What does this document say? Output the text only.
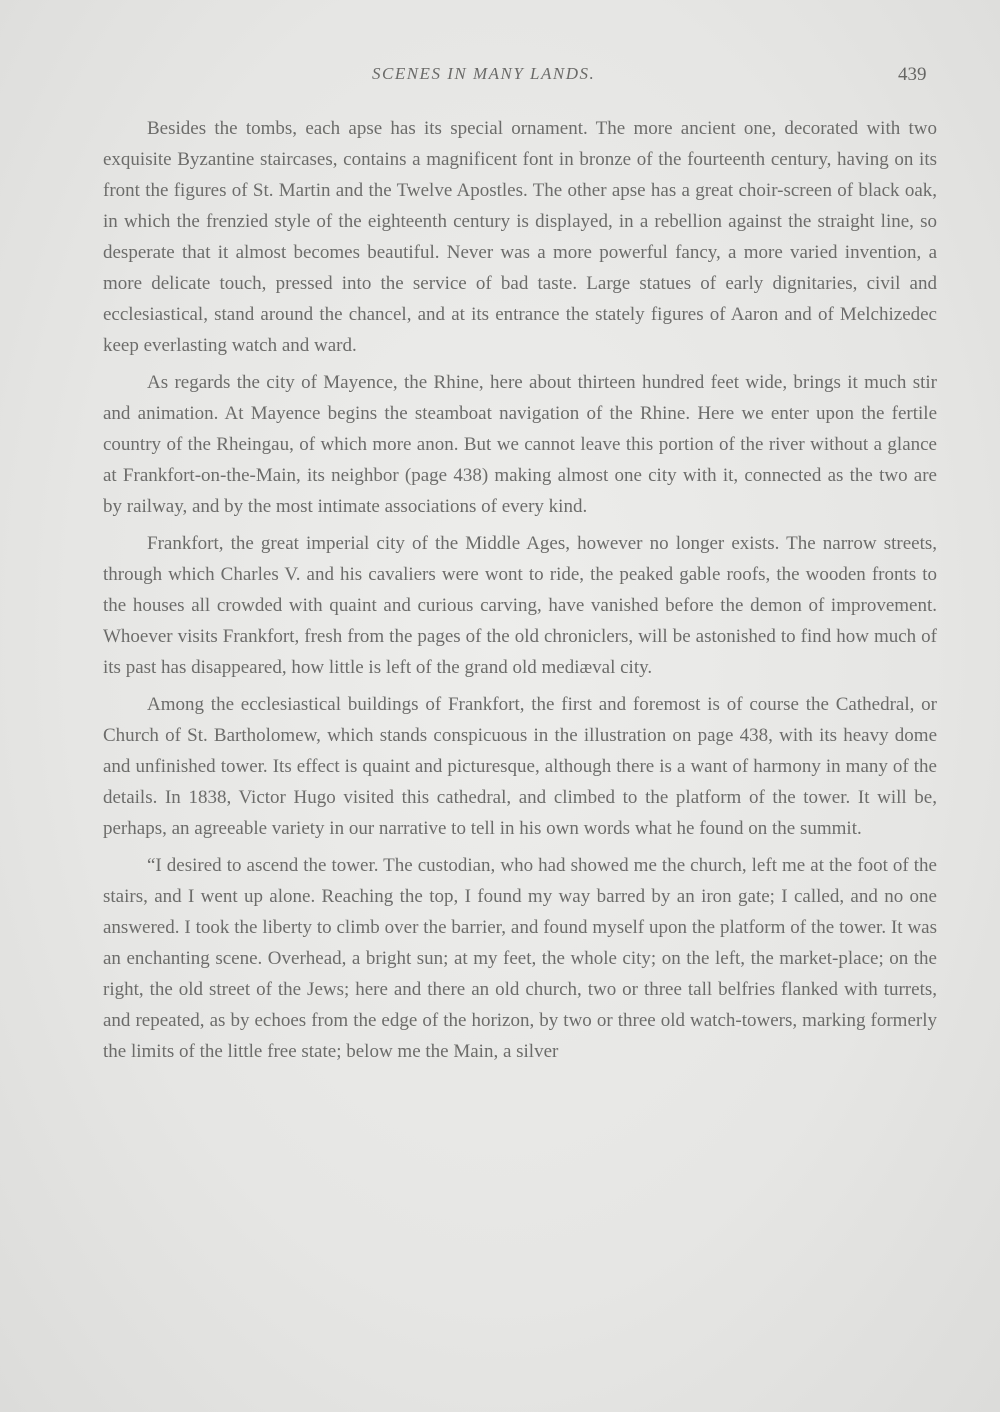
SCENES IN MANY LANDS.	439

Besides the tombs, each apse has its special ornament. The more ancient one, decorated with two exquisite Byzantine staircases, contains a magnificent font in bronze of the fourteenth century, having on its front the figures of St. Martin and the Twelve Apostles. The other apse has a great choir-screen of black oak, in which the frenzied style of the eighteenth century is displayed, in a rebellion against the straight line, so desperate that it almost becomes beautiful. Never was a more powerful fancy, a more varied invention, a more delicate touch, pressed into the service of bad taste. Large statues of early dignitaries, civil and ecclesiastical, stand around the chancel, and at its entrance the stately figures of Aaron and of Melchizedec keep everlasting watch and ward.

As regards the city of Mayence, the Rhine, here about thirteen hundred feet wide, brings it much stir and animation. At Mayence begins the steamboat navigation of the Rhine. Here we enter upon the fertile country of the Rheingau, of which more anon. But we cannot leave this portion of the river without a glance at Frankfort-on-the-Main, its neighbor (page 438) making almost one city with it, connected as the two are by railway, and by the most intimate associations of every kind.

Frankfort, the great imperial city of the Middle Ages, however no longer exists. The narrow streets, through which Charles V. and his cavaliers were wont to ride, the peaked gable roofs, the wooden fronts to the houses all crowded with quaint and curious carving, have vanished before the demon of improvement. Whoever visits Frankfort, fresh from the pages of the old chroniclers, will be astonished to find how much of its past has disappeared, how little is left of the grand old mediæval city.

Among the ecclesiastical buildings of Frankfort, the first and foremost is of course the Cathedral, or Church of St. Bartholomew, which stands conspicuous in the illustration on page 438, with its heavy dome and unfinished tower. Its effect is quaint and picturesque, although there is a want of harmony in many of the details. In 1838, Victor Hugo visited this cathedral, and climbed to the platform of the tower. It will be, perhaps, an agreeable variety in our narrative to tell in his own words what he found on the summit.

“I desired to ascend the tower. The custodian, who had showed me the church, left me at the foot of the stairs, and I went up alone. Reaching the top, I found my way barred by an iron gate; I called, and no one answered. I took the liberty to climb over the barrier, and found myself upon the platform of the tower. It was an enchanting scene. Overhead, a bright sun; at my feet, the whole city; on the left, the market-place; on the right, the old street of the Jews; here and there an old church, two or three tall belfries flanked with turrets, and repeated, as by echoes from the edge of the horizon, by two or three old watch-towers, marking formerly the limits of the little free state; below me the Main, a silver
